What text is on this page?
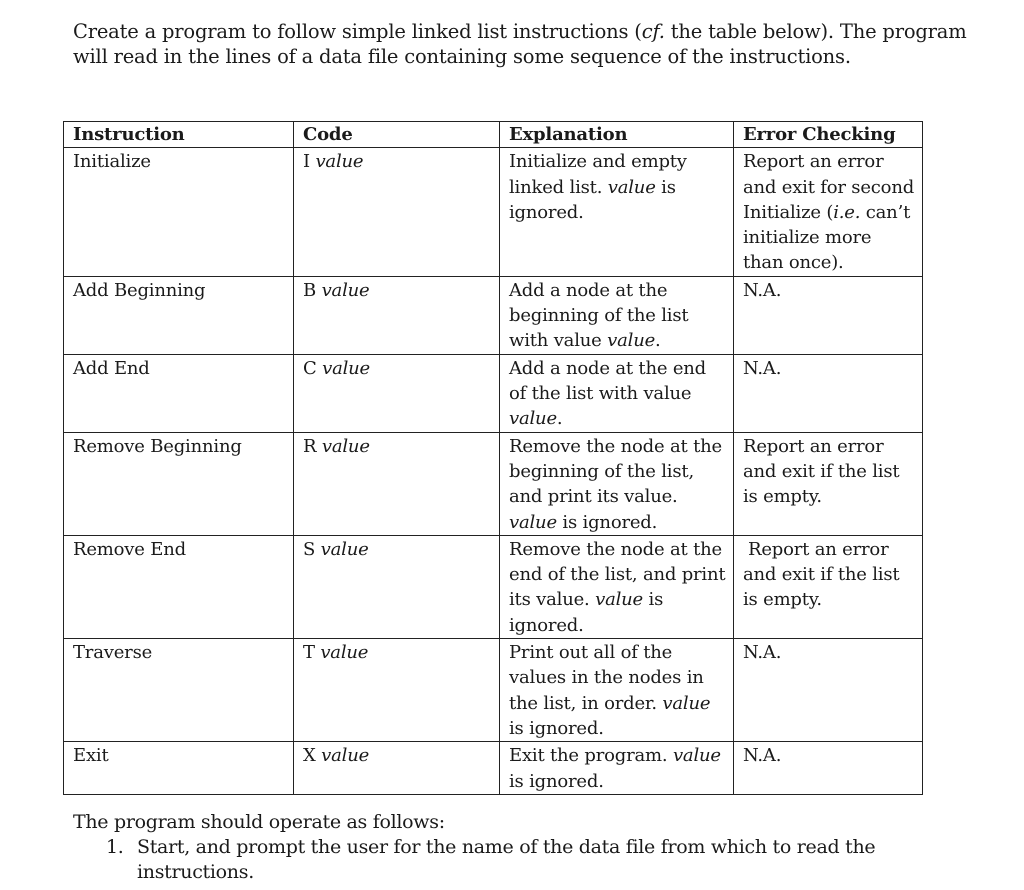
Create a program to follow simple linked list instructions (cf. the table below). The program
will read in the lines of a data file containing some sequence of the instructions.
Instruction	Code	Explanation	Error Checking
Initialize	I value	Initialize and empty linked list. value is ignored.	Report an error and exit for second Initialize (i.e. can’t initialize more than once).
Add Beginning	B value	Add a node at the beginning of the list with value value.	N.A.
Add End	C value	Add a node at the end of the list with value value.	N.A.
Remove Beginning	R value	Remove the node at the beginning of the list, and print its value. value is ignored.	Report an error and exit if the list is empty.
Remove End	S value	Remove the node at the end of the list, and print its value. value is ignored.	Report an error and exit if the list is empty.
Traverse	T value	Print out all of the values in the nodes in the list, in order. value is ignored.	N.A.
Exit	X value	Exit the program. value is ignored.	N.A.
The program should operate as follows:
1. Start, and prompt the user for the name of the data file from which to read the instructions.
